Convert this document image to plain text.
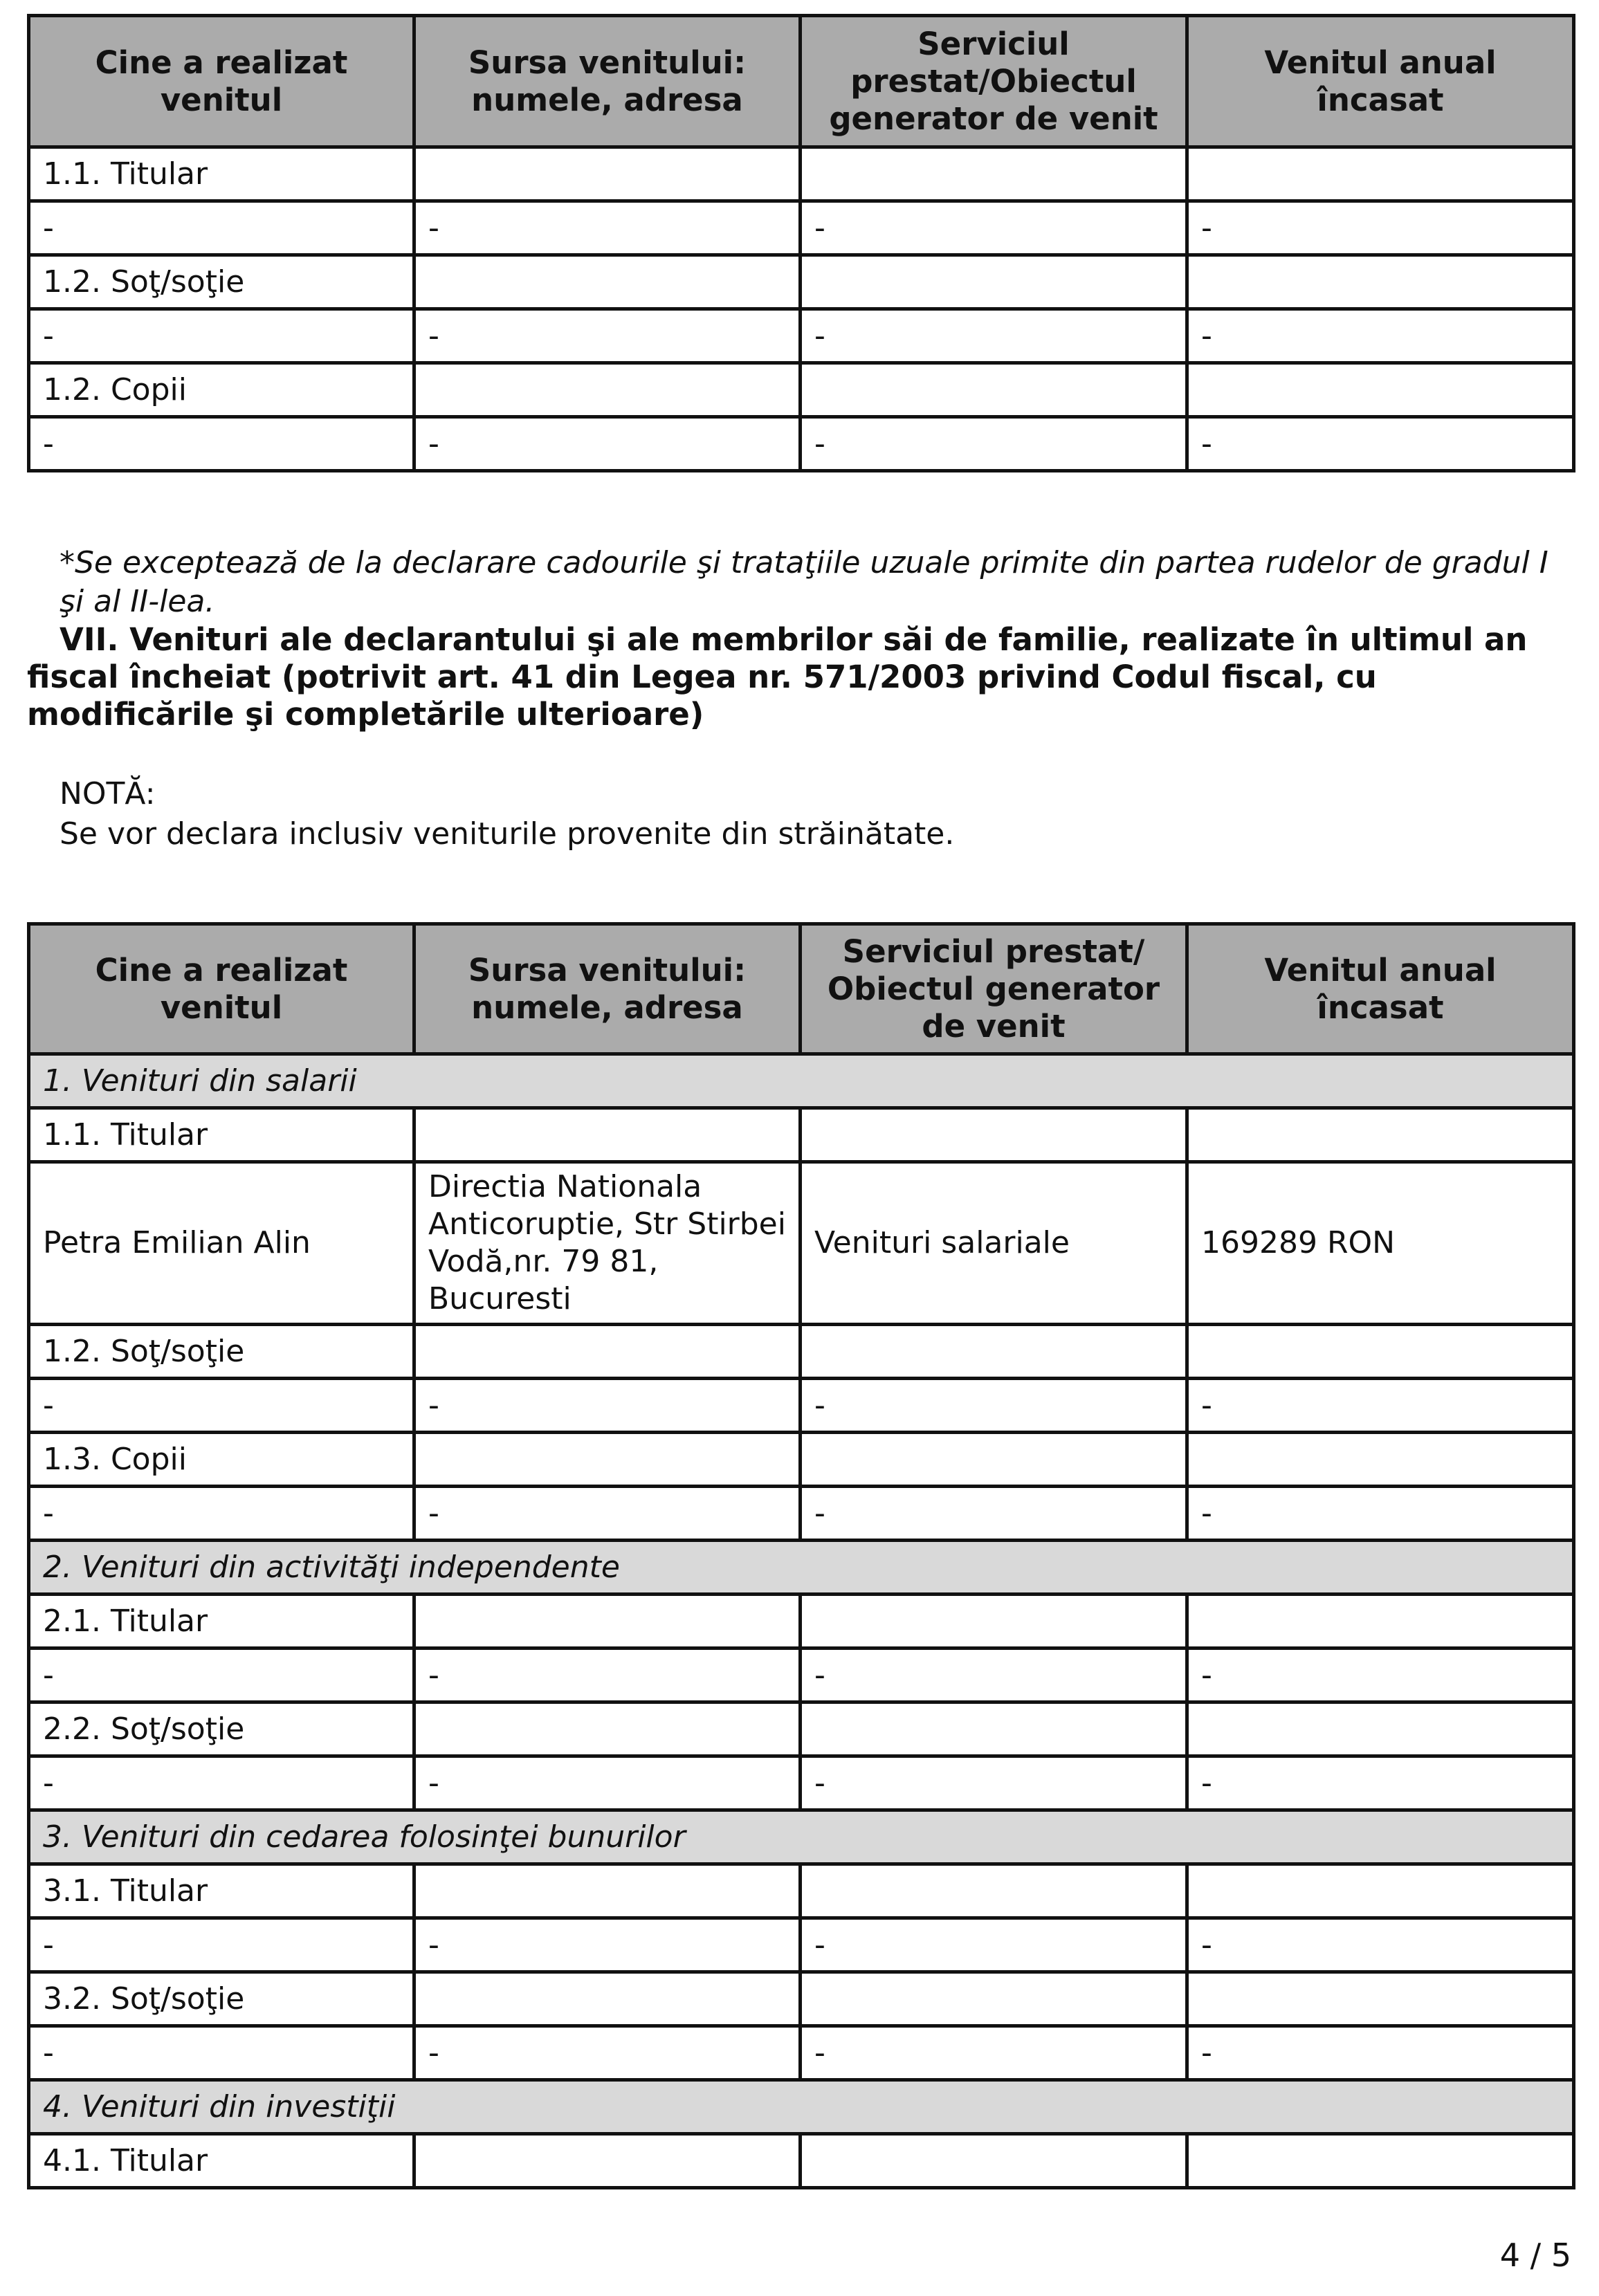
Cine a realizat venitul	Sursa venitului: numele, adresa	Serviciul prestat/Obiectul generator de venit	Venitul anual încasat
1.1. Titular			
-	-	-	-
1.2. Soţ/soţie			
-	-	-	-
1.2. Copii			
-	-	-	-
*Se exceptează de la declarare cadourile şi trataţiile uzuale primite din partea rudelor de gradul I şi al II-lea.
VII. Venituri ale declarantului şi ale membrilor săi de familie, realizate în ultimul an fiscal încheiat (potrivit art. 41 din Legea nr. 571/2003 privind Codul fiscal, cu modificările şi completările ulterioare)
NOTĂ:
Se vor declara inclusiv veniturile provenite din străinătate.
Cine a realizat venitul	Sursa venitului: numele, adresa	Serviciul prestat/ Obiectul generator de venit	Venitul anual încasat
1. Venituri din salarii			
1.1. Titular			
Petra Emilian Alin	Directia Nationala Anticoruptie, Str Stirbei Vodă,nr. 79 81, Bucuresti	Venituri salariale	169289 RON
1.2. Soţ/soţie			
-	-	-	-
1.3. Copii			
-	-	-	-
2. Venituri din activităţi independente			
2.1. Titular			
-	-	-	-
2.2. Soţ/soţie			
-	-	-	-
3. Venituri din cedarea folosinţei bunurilor			
3.1. Titular			
-	-	-	-
3.2. Soţ/soţie			
-	-	-	-
4. Venituri din investiţii			
4.1. Titular			
4 / 5
